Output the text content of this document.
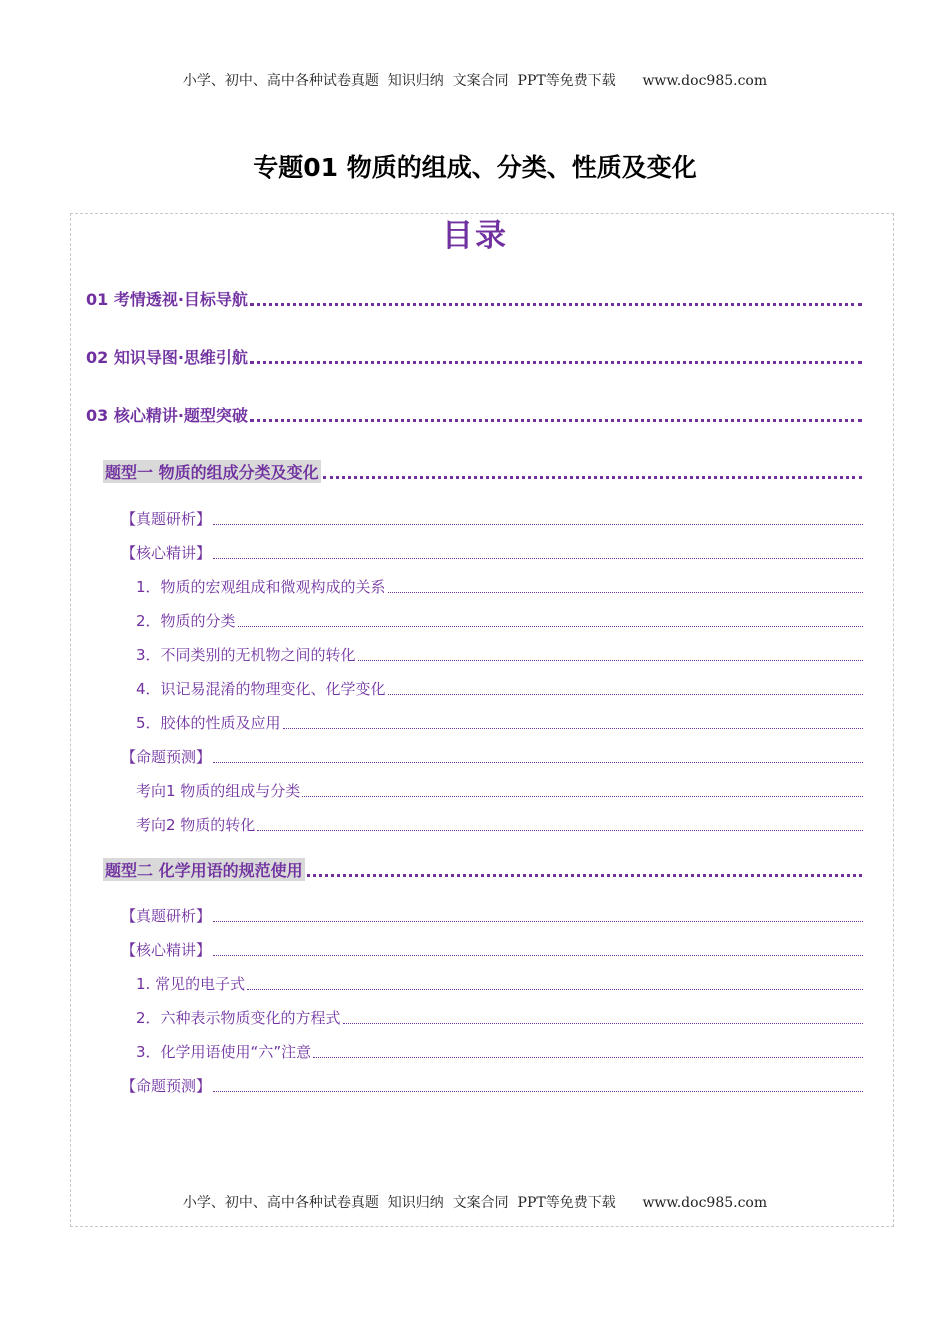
小学、初中、高中各种试卷真题  知识归纳  文案合同  PPT等免费下载      www.doc985.com
专题01 物质的组成、分类、性质及变化
目录
01 考情透视·目标导航
02 知识导图·思维引航
03 核心精讲·题型突破
题型一 物质的组成分类及变化
【真题研析】
【核心精讲】
1．物质的宏观组成和微观构成的关系
2．物质的分类
3．不同类别的无机物之间的转化
4．识记易混淆的物理变化、化学变化
5．胶体的性质及应用
【命题预测】
考向1 物质的组成与分类
考向2 物质的转化
题型二 化学用语的规范使用
【真题研析】
【核心精讲】
1. 常见的电子式
2．六种表示物质变化的方程式
3．化学用语使用“六”注意
【命题预测】
小学、初中、高中各种试卷真题  知识归纳  文案合同  PPT等免费下载      www.doc985.com
